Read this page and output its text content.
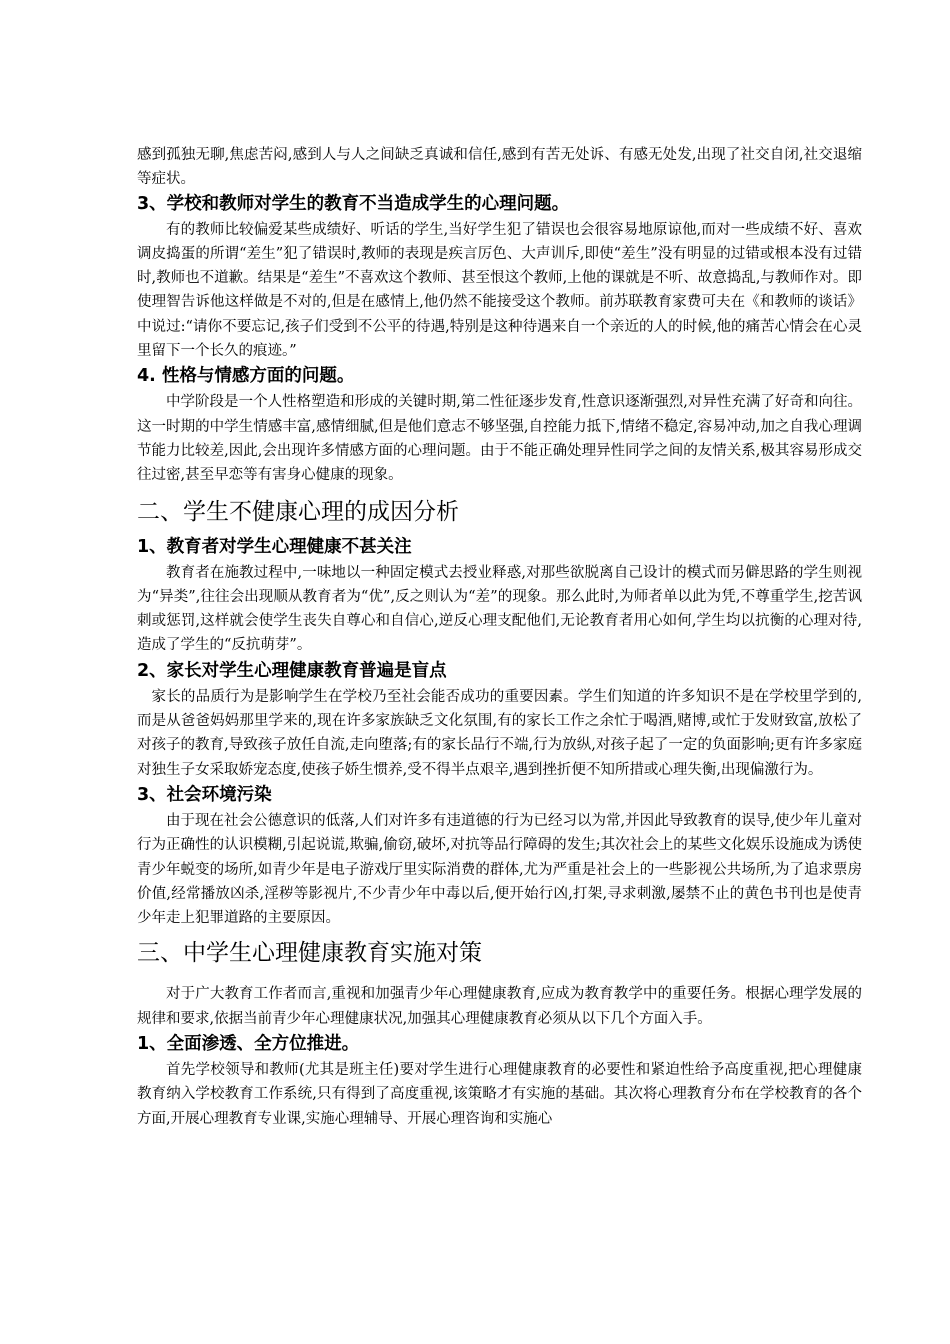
感到孤独无聊,焦虑苦闷,感到人与人之间缺乏真诚和信任,感到有苦无处诉、有感无处发,出现了社交自闭,社交退缩等症状。

3、学校和教师对学生的教育不当造成学生的心理问题。

有的教师比较偏爱某些成绩好、听话的学生,当好学生犯了错误也会很容易地原谅他,而对一些成绩不好、喜欢调皮捣蛋的所谓“差生”犯了错误时,教师的表现是疾言厉色、大声训斥,即使“差生”没有明显的过错或根本没有过错时,教师也不道歉。结果是“差生”不喜欢这个教师、甚至恨这个教师,上他的课就是不听、故意捣乱,与教师作对。即使理智告诉他这样做是不对的,但是在感情上,他仍然不能接受这个教师。前苏联教育家费可夫在《和教师的谈话》中说过:“请你不要忘记,孩子们受到不公平的待遇,特别是这种待遇来自一个亲近的人的时候,他的痛苦心情会在心灵里留下一个长久的痕迹。”

4. 性格与情感方面的问题。

中学阶段是一个人性格塑造和形成的关键时期,第二性征逐步发育,性意识逐渐强烈,对异性充满了好奇和向往。这一时期的中学生情感丰富,感情细腻,但是他们意志不够坚强,自控能力抵下,情绪不稳定,容易冲动,加之自我心理调节能力比较差,因此,会出现许多情感方面的心理问题。由于不能正确处理异性同学之间的友情关系,极其容易形成交往过密,甚至早恋等有害身心健康的现象。

二、学生不健康心理的成因分析
1、教育者对学生心理健康不甚关注

教育者在施教过程中,一味地以一种固定模式去授业释惑,对那些欲脱离自己设计的模式而另僻思路的学生则视为“异类”,往往会出现顺从教育者为“优”,反之则认为“差”的现象。那么此时,为师者单以此为凭,不尊重学生,挖苦讽刺或惩罚,这样就会使学生丧失自尊心和自信心,逆反心理支配他们,无论教育者用心如何,学生均以抗衡的心理对待,造成了学生的“反抗萌芽”。

2、家长对学生心理健康教育普遍是盲点

家长的品质行为是影响学生在学校乃至社会能否成功的重要因素。学生们知道的许多知识不是在学校里学到的,而是从爸爸妈妈那里学来的,现在许多家族缺乏文化氛围,有的家长工作之余忙于喝酒,赌博,或忙于发财致富,放松了对孩子的教育,导致孩子放任自流,走向堕落;有的家长品行不端,行为放纵,对孩子起了一定的负面影响;更有许多家庭对独生子女采取娇宠态度,使孩子娇生惯养,受不得半点艰辛,遇到挫折便不知所措或心理失衡,出现偏激行为。

3、社会环境污染

由于现在社会公德意识的低落,人们对许多有违道德的行为已经习以为常,并因此导致教育的误导,使少年儿童对行为正确性的认识模糊,引起说谎,欺骗,偷窃,破坏,对抗等品行障碍的发生;其次社会上的某些文化娱乐设施成为诱使青少年蜕变的场所,如青少年是电子游戏厅里实际消费的群体,尤为严重是社会上的一些影视公共场所,为了追求票房价值,经常播放凶杀,淫秽等影视片,不少青少年中毒以后,便开始行凶,打架,寻求刺激,屡禁不止的黄色书刊也是使青少年走上犯罪道路的主要原因。

三、中学生心理健康教育实施对策

对于广大教育工作者而言,重视和加强青少年心理健康教育,应成为教育教学中的重要任务。根据心理学发展的规律和要求,依据当前青少年心理健康状况,加强其心理健康教育必须从以下几个方面入手。

1、全面渗透、全方位推进。

首先学校领导和教师(尤其是班主任)要对学生进行心理健康教育的必要性和紧迫性给予高度重视,把心理健康教育纳入学校教育工作系统,只有得到了高度重视,该策略才有实施的基础。其次将心理教育分布在学校教育的各个方面,开展心理教育专业课,实施心理辅导、开展心理咨询和实施心
